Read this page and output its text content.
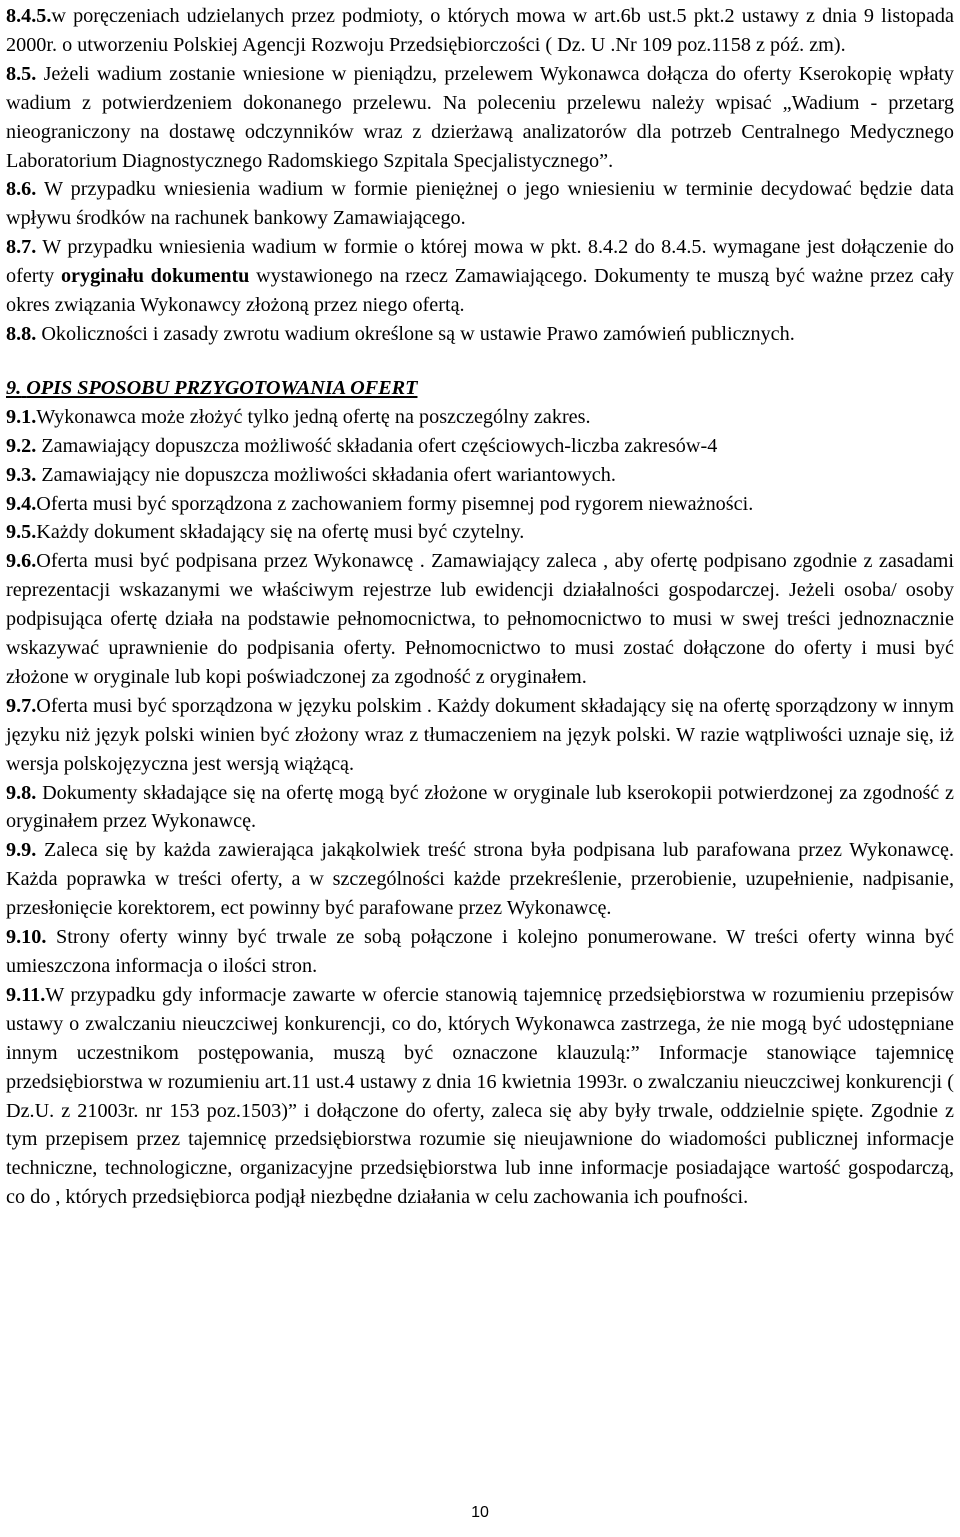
8.4.5.w poręczeniach udzielanych przez podmioty, o których mowa w art.6b ust.5 pkt.2 ustawy z dnia 9 listopada 2000r. o utworzeniu Polskiej Agencji Rozwoju Przedsiębiorczości ( Dz. U .Nr 109 poz.1158 z póź. zm).

8.5. Jeżeli wadium zostanie wniesione w pieniądzu, przelewem Wykonawca dołącza do oferty Kserokopię wpłaty wadium z potwierdzeniem dokonanego przelewu. Na poleceniu przelewu należy wpisać „Wadium - przetarg nieograniczony na dostawę odczynników wraz z dzierżawą analizatorów dla potrzeb Centralnego Medycznego Laboratorium Diagnostycznego Radomskiego Szpitala Specjalistycznego”.

8.6. W przypadku wniesienia wadium w formie pieniężnej o jego wniesieniu w terminie decydować będzie data wpływu środków na rachunek bankowy Zamawiającego.

8.7. W przypadku wniesienia wadium w formie o której mowa w pkt. 8.4.2 do 8.4.5. wymagane jest dołączenie do oferty oryginału dokumentu wystawionego na rzecz Zamawiającego. Dokumenty te muszą być ważne przez cały okres związania Wykonawcy złożoną przez niego ofertą.

8.8. Okoliczności i zasady zwrotu wadium określone są w ustawie Prawo zamówień publicznych.

9. OPIS SPOSOBU PRZYGOTOWANIA OFERT

9.1.Wykonawca może złożyć tylko jedną ofertę na poszczególny zakres.

9.2. Zamawiający dopuszcza możliwość składania ofert częściowych-liczba zakresów-4

9.3. Zamawiający nie dopuszcza możliwości składania ofert wariantowych.

9.4.Oferta musi być sporządzona z zachowaniem formy pisemnej pod rygorem nieważności.

9.5.Każdy dokument składający się na ofertę musi być czytelny.

9.6.Oferta musi być podpisana przez Wykonawcę . Zamawiający zaleca , aby ofertę podpisano zgodnie z zasadami reprezentacji wskazanymi we właściwym rejestrze lub ewidencji działalności gospodarczej. Jeżeli osoba/ osoby podpisująca ofertę działa na podstawie pełnomocnictwa, to pełnomocnictwo to musi w swej treści jednoznacznie wskazywać uprawnienie do podpisania oferty. Pełnomocnictwo to musi zostać dołączone do oferty i musi być złożone w oryginale lub kopi poświadczonej za zgodność z oryginałem.

9.7.Oferta musi być sporządzona w języku polskim . Każdy dokument składający się na ofertę sporządzony w innym języku niż język polski winien być złożony wraz z tłumaczeniem na język polski. W razie wątpliwości uznaje się, iż wersja polskojęzyczna jest wersją wiążącą.

9.8. Dokumenty składające się na ofertę mogą być złożone w oryginale lub kserokopii potwierdzonej za zgodność z oryginałem przez Wykonawcę.

9.9. Zaleca się by każda zawierająca jakąkolwiek treść strona była podpisana lub parafowana przez Wykonawcę. Każda poprawka w treści oferty, a w szczególności każde przekreślenie, przerobienie, uzupełnienie, nadpisanie, przesłonięcie korektorem, ect powinny być parafowane przez Wykonawcę.

9.10. Strony oferty winny być trwale ze sobą połączone i kolejno ponumerowane. W treści oferty winna być umieszczona informacja o ilości stron.

9.11.W przypadku gdy informacje zawarte w ofercie stanowią tajemnicę przedsiębiorstwa w rozumieniu przepisów ustawy o zwalczaniu nieuczciwej konkurencji, co do, których Wykonawca zastrzega, że nie mogą być udostępniane innym uczestnikom postępowania, muszą być oznaczone klauzulą:” Informacje stanowiące tajemnicę przedsiębiorstwa w rozumieniu art.11 ust.4 ustawy z dnia 16 kwietnia 1993r. o zwalczaniu nieuczciwej konkurencji ( Dz.U. z 21003r. nr 153 poz.1503)” i dołączone do oferty, zaleca się aby były trwale, oddzielnie spięte. Zgodnie z tym przepisem przez tajemnicę przedsiębiorstwa rozumie się nieujawnione do wiadomości publicznej informacje techniczne, technologiczne, organizacyjne przedsiębiorstwa lub inne informacje posiadające wartość gospodarczą, co do , których przedsiębiorca podjął niezbędne działania w celu zachowania ich poufności.

10
